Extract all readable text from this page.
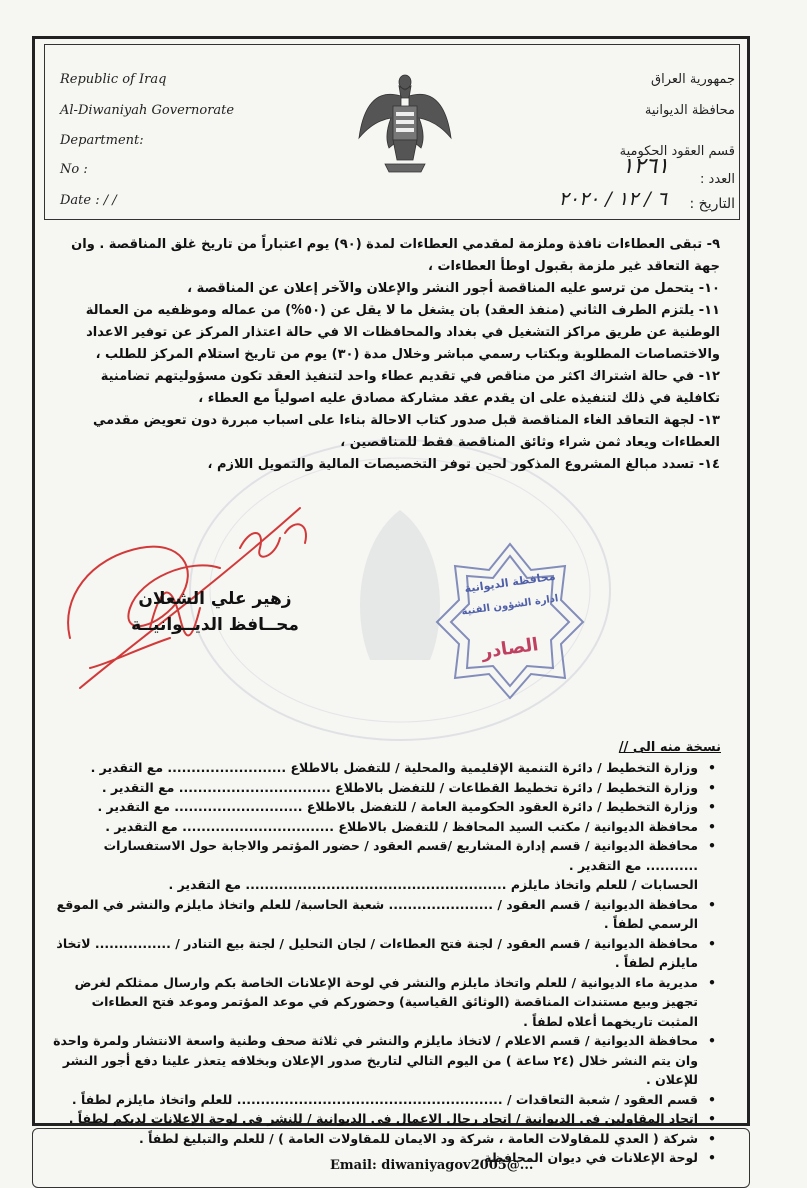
Republic of Iraq
Al-Diwaniyah Governorate
Department:
No :
Date : / /
جمهورية العراق
محافظة الديوانية
قسم العقود الحكومية
العدد :
١٢٦١
التاريخ :
٦ / ١٢ / ٢٠٢٠

٩- تبقى العطاءات نافذة وملزمة لمقدمي العطاءات لمدة (٩٠) يوم اعتباراً من تاريخ غلق المناقصة . وان جهة التعاقد غير ملزمة بقبول اوطأ العطاءات ،

١٠- يتحمل من ترسو عليه المناقصة أجور النشر والإعلان والآخر إعلان عن المناقصة ،

١١- يلتزم الطرف الثاني (منفذ العقد) بان يشغل ما لا يقل عن (٥٠%) من عماله وموظفيه من العمالة الوطنية عن طريق مراكز التشغيل في بغداد والمحافظات الا في حالة اعتذار المركز عن توفير الاعداد والاختصاصات المطلوبة وبكتاب رسمي مباشر وخلال مدة (٣٠) يوم من تاريخ استلام المركز للطلب ،

١٢- في حالة اشتراك اكثر من مناقص في تقديم عطاء واحد لتنفيذ العقد تكون مسؤوليتهم تضامنية تكافلية في ذلك لتنفيذه على ان يقدم عقد مشاركة مصادق عليه اصولياً مع العطاء ،

١٣- لجهة التعاقد الغاء المناقصة قبل صدور كتاب الاحالة بناءا على اسباب مبررة دون تعويض مقدمي العطاءات ويعاد ثمن شراء وثائق المناقصة فقط للمناقصين ،

١٤- تسدد مبالغ المشروع المذكور لحين توفر التخصيصات المالية والتمويل اللازم ،

زهير علي الشعلان
محــافظ الديــوانيــة
محافظة الديوانية
ادارة الشؤون الفنية
الصادر
نسخة منه الى //
•
وزارة التخطيط / دائرة التنمية الإقليمية والمحلية / للتفضل بالاطلاع ......................... مع التقدير .
•
وزارة التخطيط / دائرة تخطيط القطاعات / للتفضل بالاطلاع ................................ مع التقدير .
•
وزارة التخطيط / دائرة العقود الحكومية العامة / للتفضل بالاطلاع ........................... مع التقدير .
•
محافظة الديوانية / مكتب السيد المحافظ / للتفضل بالاطلاع ................................ مع التقدير .
•
محافظة الديوانية / قسم إدارة المشاريع /قسم العقود / حضور المؤتمر والاجابة حول الاستفسارات ........... مع التقدير .
الحسابات / للعلم واتخاذ مايلزم ....................................................... مع التقدير .
•
محافظة الديوانية / قسم العقود / ...................... شعبة الحاسبة/ للعلم واتخاذ مايلزم والنشر في الموقع الرسمي لطفاً .
•
محافظة الديوانية / قسم العقود / لجنة فتح العطاءات / لجان التحليل / لجنة بيع التنادر / ................ لاتخاذ مايلزم لطفاً .
•
مديرية ماء الديوانية / للعلم واتخاذ مايلزم والنشر في لوحة الإعلانات الخاصة بكم وارسال ممثلكم لغرض تجهيز وبيع مستندات المناقصة (الوثائق القياسية) وحضوركم في موعد المؤتمر وموعد فتح العطاءات المثبت تاريخهما أعلاه لطفاً .
•
محافظة الديوانية / قسم الاعلام / لاتخاذ مايلزم والنشر في ثلاثة صحف وطنية واسعة الانتشار ولمرة واحدة وان يتم النشر خلال (٢٤ ساعة ) من اليوم التالي لتاريخ صدور الإعلان وبخلافه يتعذر علينا دفع أجور النشر للإعلان .
•
قسم العقود / شعبة التعاقدات / ........................................................ للعلم واتخاذ مايلزم لطفاً .
•
اتحاد المقاولين في الديوانية / اتحاد رجال الاعمال في الديوانية / للنشر في لوحة الإعلانات لديكم لطفاً .
•
شركة ( العدي للمقاولات العامة ، شركة ود الايمان للمقاولات العامة ) / للعلم والتبليغ لطفاً .
•
لوحة الإعلانات في ديوان المحافظة .
Email: diwaniyagov2005@...
